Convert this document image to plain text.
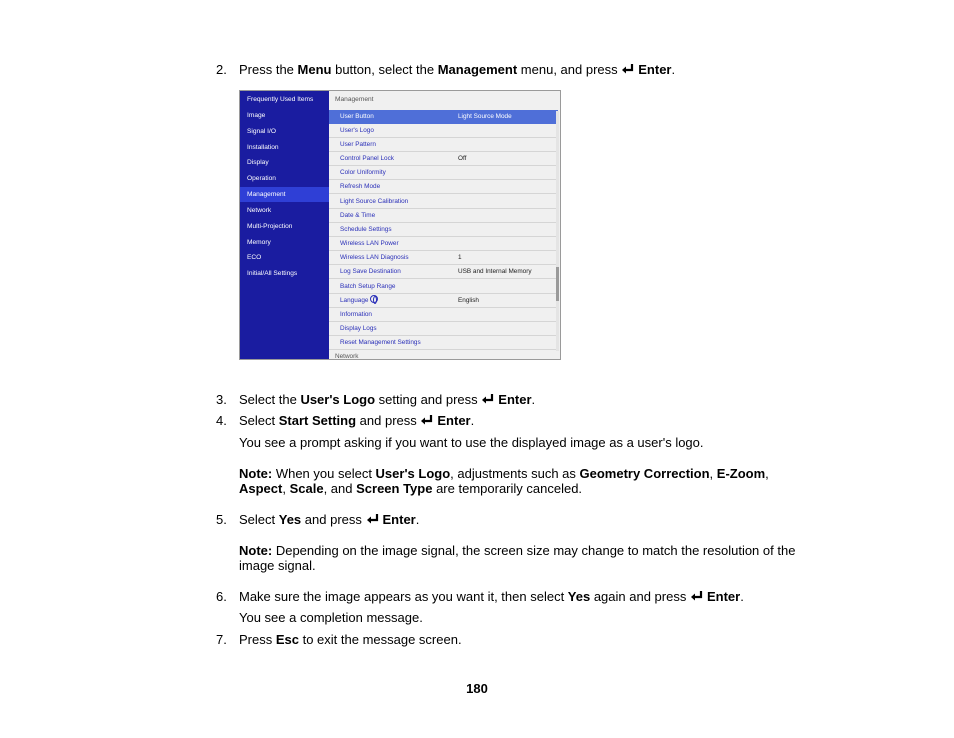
2. Press the Menu button, select the Management menu, and press Enter.
Frequently Used Items
Image
Signal I/O
Installation
Display
Operation
Management
Network
Multi-Projection
Memory
ECO
Initial/All Settings
Management
User Button	Light Source Mode
User's Logo
User Pattern
Control Panel Lock	Off
Color Uniformity
Refresh Mode
Light Source Calibration
Date & Time
Schedule Settings
Wireless LAN Power
Wireless LAN Diagnosis	1
Log Save Destination	USB and Internal Memory
Batch Setup Range
Language	English
Information
Display Logs
Reset Management Settings
Network
3. Select the User's Logo setting and press Enter.
4. Select Start Setting and press Enter.
You see a prompt asking if you want to use the displayed image as a user's logo.
Note: When you select User's Logo, adjustments such as Geometry Correction, E-Zoom,
Aspect, Scale, and Screen Type are temporarily canceled.
5. Select Yes and press Enter.
Note: Depending on the image signal, the screen size may change to match the resolution of the
image signal.
6. Make sure the image appears as you want it, then select Yes again and press Enter.
You see a completion message.
7. Press Esc to exit the message screen.
180
